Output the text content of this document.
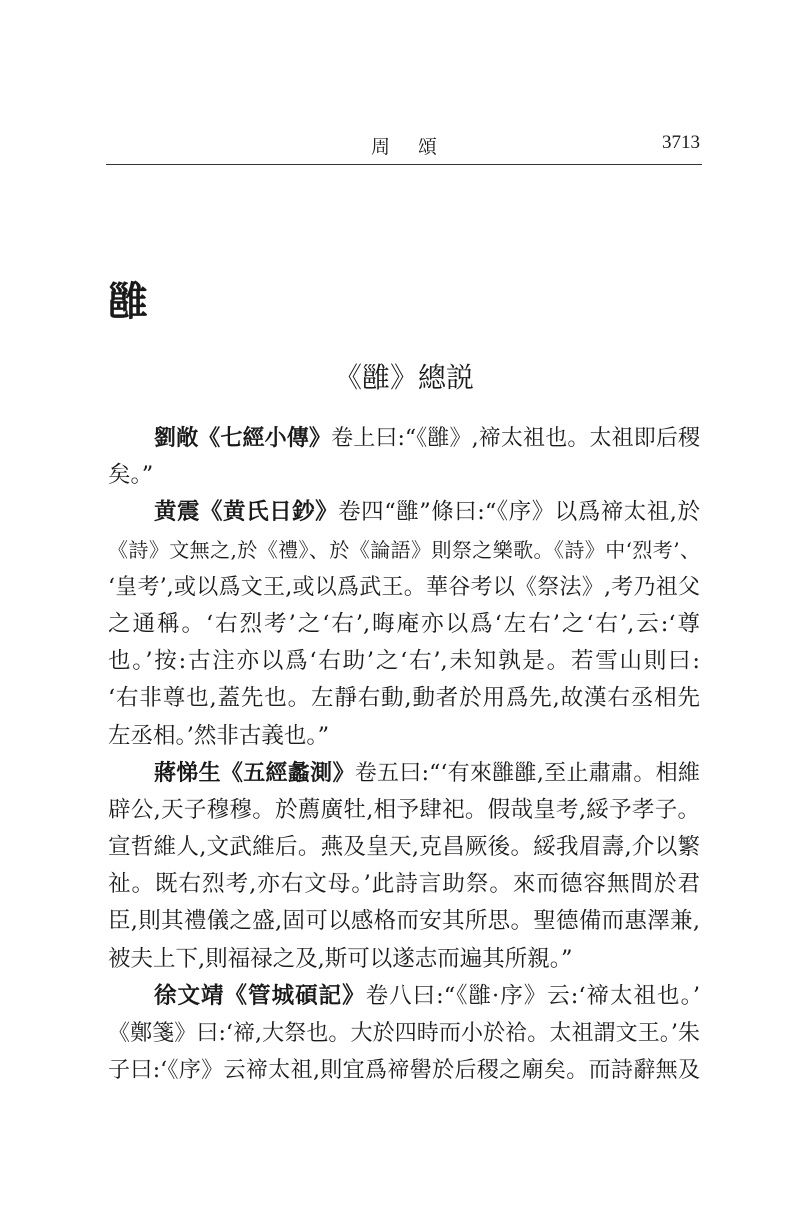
周頌	3713
雝
《雝》總説
劉敞《七經小傳》卷上曰:“《雝》,禘太祖也。太祖即后稷
矣。”
黄震《黄氏日鈔》卷四“雝”條曰:“《序》以爲禘太祖,於
《詩》文無之,於《禮》、於《論語》則祭之樂歌。《詩》中‘烈考’、
‘皇考’,或以爲文王,或以爲武王。華谷考以《祭法》,考乃祖父
之通稱。‘右烈考’之‘右’,晦庵亦以爲‘左右’之‘右’,云:‘尊
也。’按:古注亦以爲‘右助’之‘右’,未知孰是。若雪山則曰:
‘右非尊也,蓋先也。左靜右動,動者於用爲先,故漢右丞相先
左丞相。’然非古義也。”
蔣悌生《五經蠡測》卷五曰:“‘有來雝雝,至止肅肅。相維
辟公,天子穆穆。於薦廣牡,相予肆祀。假哉皇考,綏予孝子。
宣哲維人,文武維后。燕及皇天,克昌厥後。綏我眉壽,介以繁
祉。既右烈考,亦右文母。’此詩言助祭。來而德容無間於君
臣,則其禮儀之盛,固可以感格而安其所思。聖德備而惠澤兼,
被夫上下,則福禄之及,斯可以遂志而遍其所親。”
徐文靖《管城碩記》卷八曰:“《雝·序》云:‘禘太祖也。’
《鄭箋》曰:‘禘,大祭也。大於四時而小於祫。太祖謂文王。’朱
子曰:‘《序》云禘太祖,則宜爲禘嚳於后稷之廟矣。而詩辭無及
